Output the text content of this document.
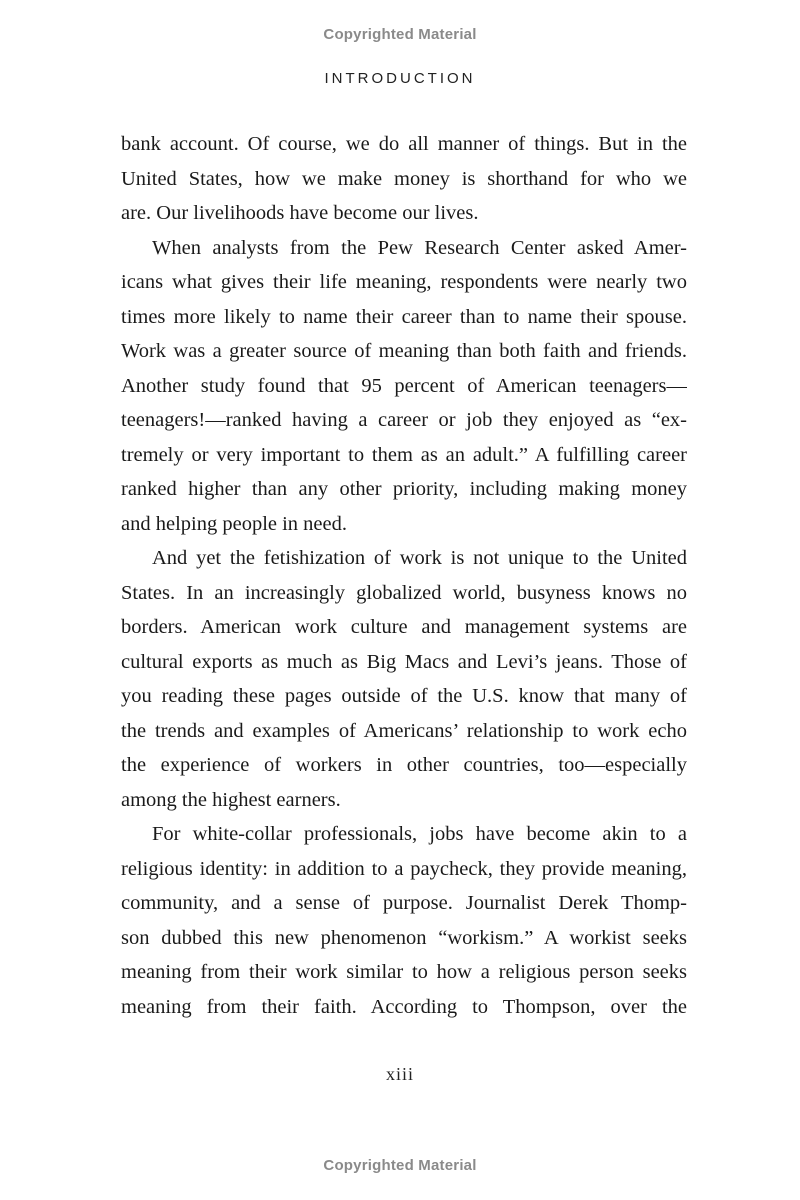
Copyrighted Material
INTRODUCTION
bank account. Of course, we do all manner of things. But in the
United States, how we make money is shorthand for who we
are. Our livelihoods have become our lives.
When analysts from the Pew Research Center asked Amer-
icans what gives their life meaning, respondents were nearly two
times more likely to name their career than to name their spouse.
Work was a greater source of meaning than both faith and friends.
Another study found that 95 percent of American teenagers—
teenagers!—ranked having a career or job they enjoyed as “ex-
tremely or very important to them as an adult.” A fulfilling career
ranked higher than any other priority, including making money
and helping people in need.
And yet the fetishization of work is not unique to the United
States. In an increasingly globalized world, busyness knows no
borders. American work culture and management systems are
cultural exports as much as Big Macs and Levi’s jeans. Those of
you reading these pages outside of the U.S. know that many of
the trends and examples of Americans’ relationship to work echo
the experience of workers in other countries, too—especially
among the highest earners.
For white-collar professionals, jobs have become akin to a
religious identity: in addition to a paycheck, they provide meaning,
community, and a sense of purpose. Journalist Derek Thomp-
son dubbed this new phenomenon “workism.” A workist seeks
meaning from their work similar to how a religious person seeks
meaning from their faith. According to Thompson, over the
xiii
Copyrighted Material
